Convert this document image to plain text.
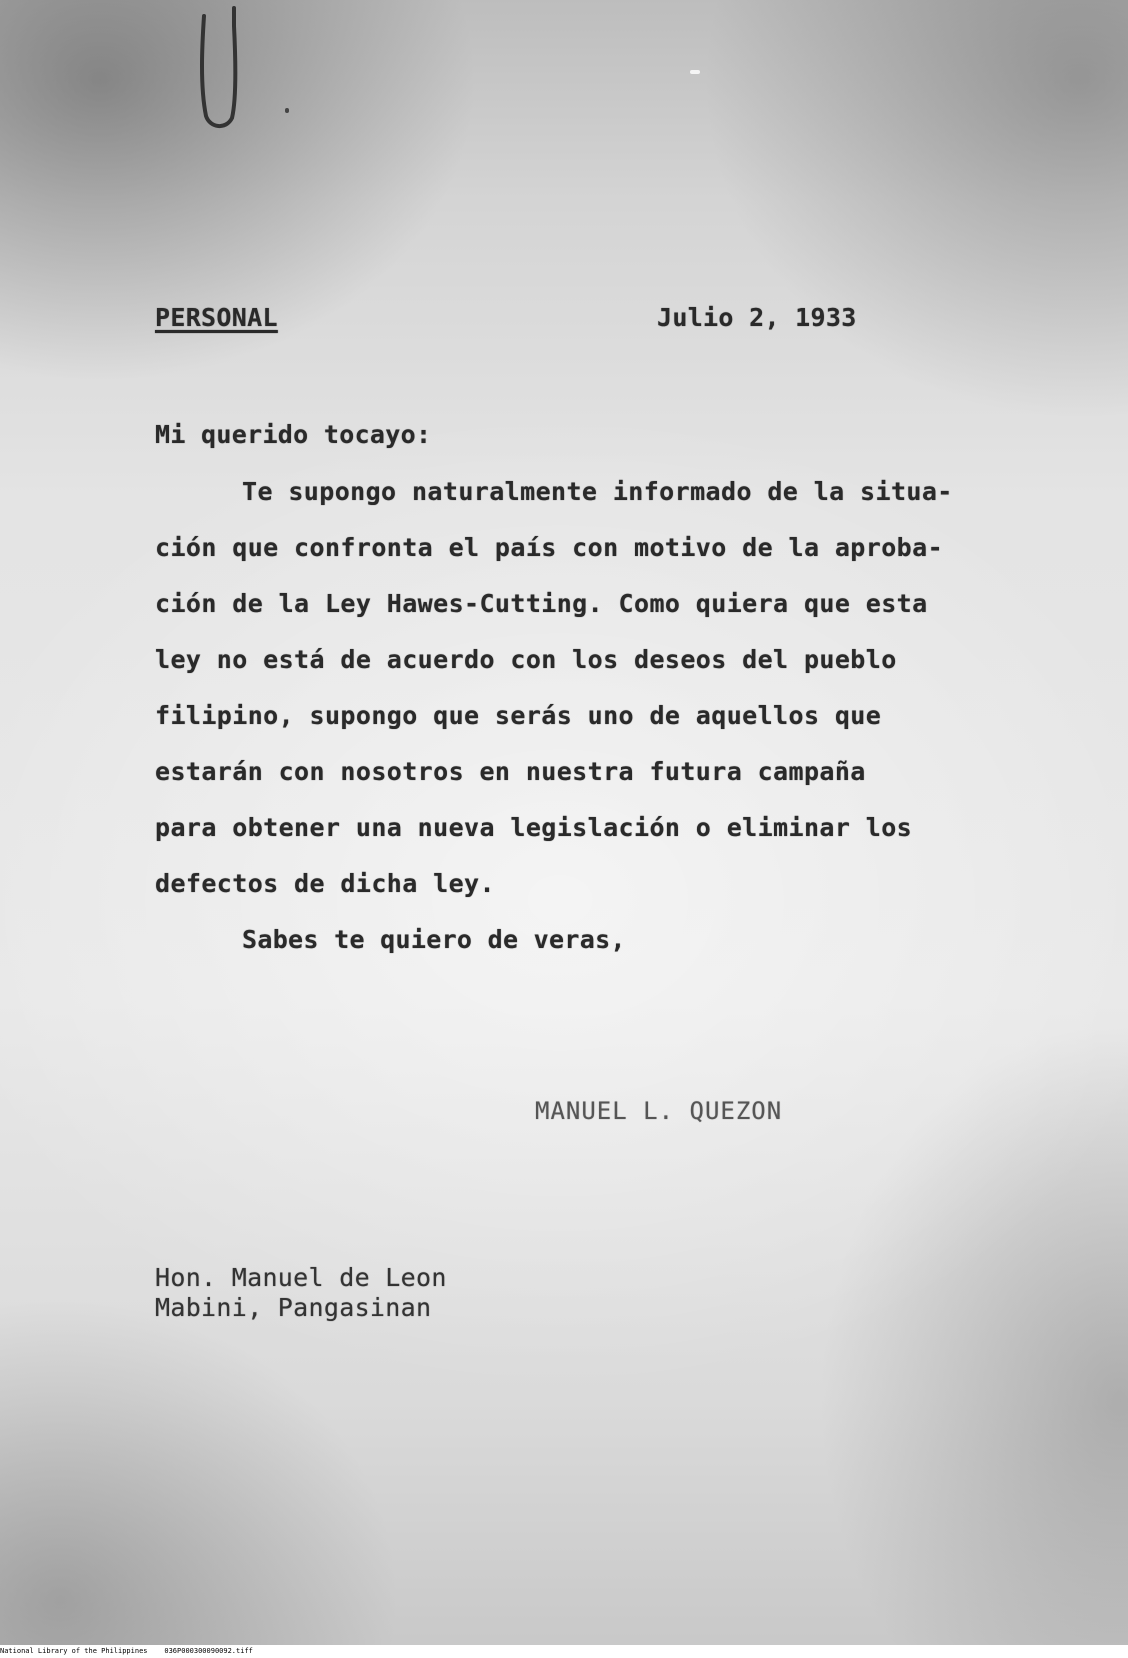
PERSONAL	Julio 2, 1933
Mi querido tocayo:
Te supongo naturalmente informado de la situa-
ción que confronta el país con motivo de la aproba-
ción de la Ley Hawes-Cutting. Como quiera que esta
ley no está de acuerdo con los deseos del pueblo
filipino, supongo que serás uno de aquellos que
estarán con nosotros en nuestra futura campaña
para obtener una nueva legislación o eliminar los
defectos de dicha ley.
Sabes te quiero de veras,
MANUEL L. QUEZON
Hon. Manuel de Leon
Mabini, Pangasinan
National Library of the Philippines 036P000300090092.tiff
